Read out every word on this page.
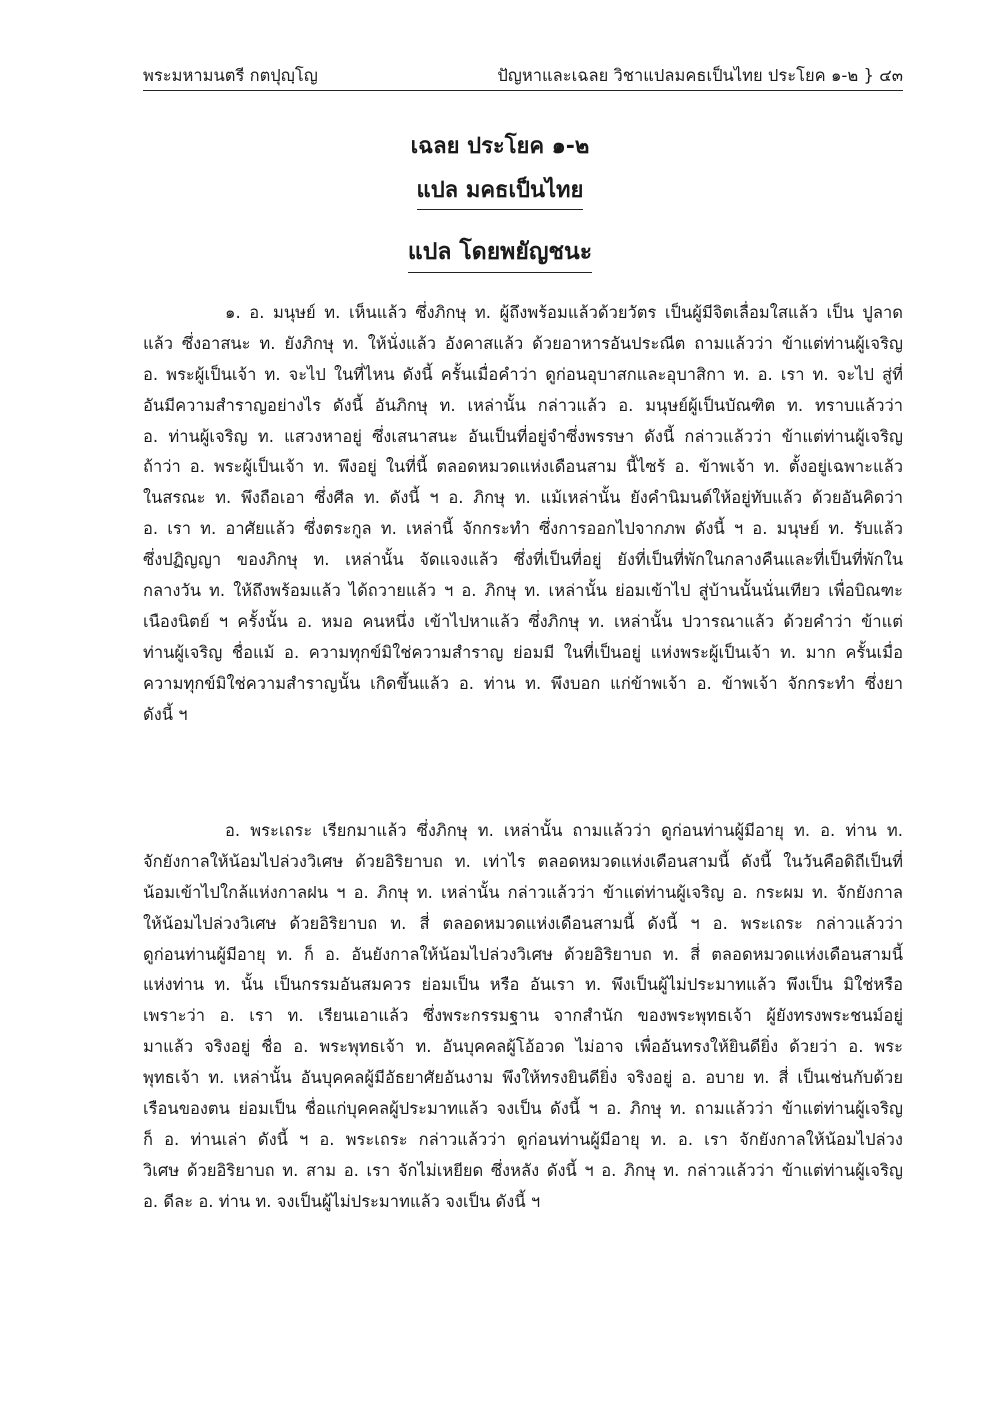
พระมหามนตรี กตปุญฺโญ	ปัญหาและเฉลย วิชาแปลมคธเป็นไทย ประโยค ๑-๒ } ๔๓
เฉลย ประโยค ๑-๒
แปล มคธเป็นไทย
แปล โดยพยัญชนะ
๑. อ. มนุษย์ ท. เห็นแล้ว ซึ่งภิกษุ ท. ผู้ถึงพร้อมแล้วด้วยวัตร เป็นผู้มีจิตเลื่อมใสแล้ว เป็น ปูลาด
แล้ว ซึ่งอาสนะ ท. ยังภิกษุ ท. ให้นั่งแล้ว อังคาสแล้ว ด้วยอาหารอันประณีต ถามแล้วว่า ข้าแต่ท่านผู้เจริญ
อ. พระผู้เป็นเจ้า ท. จะไป ในที่ไหน ดังนี้ ครั้นเมื่อคำว่า ดูก่อนอุบาสกและอุบาสิกา ท. อ. เรา ท. จะไป สู่ที่
อันมีความสำราญอย่างไร ดังนี้ อันภิกษุ ท. เหล่านั้น กล่าวแล้ว อ. มนุษย์ผู้เป็นบัณฑิต ท. ทราบแล้วว่า
อ. ท่านผู้เจริญ ท. แสวงหาอยู่ ซึ่งเสนาสนะ อันเป็นที่อยู่จำซึ่งพรรษา ดังนี้ กล่าวแล้วว่า ข้าแต่ท่านผู้เจริญ
ถ้าว่า อ. พระผู้เป็นเจ้า ท. พึงอยู่ ในที่นี้ ตลอดหมวดแห่งเดือนสาม นี้ไซร้ อ. ข้าพเจ้า ท. ตั้งอยู่เฉพาะแล้ว
ในสรณะ ท. พึงถือเอา ซึ่งศีล ท. ดังนี้ ฯ อ. ภิกษุ ท. แม้เหล่านั้น ยังคำนิมนต์ให้อยู่ทับแล้ว ด้วยอันคิดว่า
อ. เรา ท. อาศัยแล้ว ซึ่งตระกูล ท. เหล่านี้ จักกระทำ ซึ่งการออกไปจากภพ ดังนี้ ฯ อ. มนุษย์ ท. รับแล้ว
ซึ่งปฏิญญา ของภิกษุ ท. เหล่านั้น จัดแจงแล้ว ซึ่งที่เป็นที่อยู่ ยังที่เป็นที่พักในกลางคืนและที่เป็นที่พักใน
กลางวัน ท. ให้ถึงพร้อมแล้ว ได้ถวายแล้ว ฯ อ. ภิกษุ ท. เหล่านั้น ย่อมเข้าไป สู่บ้านนั้นนั่นเทียว เพื่อบิณฑะ
เนืองนิตย์ ฯ ครั้งนั้น อ. หมอ คนหนึ่ง เข้าไปหาแล้ว ซึ่งภิกษุ ท. เหล่านั้น ปวารณาแล้ว ด้วยคำว่า ข้าแต่
ท่านผู้เจริญ ชื่อแม้ อ. ความทุกข์มิใช่ความสำราญ ย่อมมี ในที่เป็นอยู่ แห่งพระผู้เป็นเจ้า ท. มาก ครั้นเมื่อ
ความทุกข์มิใช่ความสำราญนั้น เกิดขึ้นแล้ว อ. ท่าน ท. พึงบอก แก่ข้าพเจ้า อ. ข้าพเจ้า จักกระทำ ซึ่งยา
ดังนี้ ฯ
อ. พระเถระ เรียกมาแล้ว ซึ่งภิกษุ ท. เหล่านั้น ถามแล้วว่า ดูก่อนท่านผู้มีอายุ ท. อ. ท่าน ท.
จักยังกาลให้น้อมไปล่วงวิเศษ ด้วยอิริยาบถ ท. เท่าไร ตลอดหมวดแห่งเดือนสามนี้ ดังนี้ ในวันคือดิถีเป็นที่
น้อมเข้าไปใกล้แห่งกาลฝน ฯ อ. ภิกษุ ท. เหล่านั้น กล่าวแล้วว่า ข้าแต่ท่านผู้เจริญ อ. กระผม ท. จักยังกาล
ให้น้อมไปล่วงวิเศษ ด้วยอิริยาบถ ท. สี่ ตลอดหมวดแห่งเดือนสามนี้ ดังนี้ ฯ อ. พระเถระ กล่าวแล้วว่า
ดูก่อนท่านผู้มีอายุ ท. ก็ อ. อันยังกาลให้น้อมไปล่วงวิเศษ ด้วยอิริยาบถ ท. สี่ ตลอดหมวดแห่งเดือนสามนี้
แห่งท่าน ท. นั้น เป็นกรรมอันสมควร ย่อมเป็น หรือ อันเรา ท. พึงเป็นผู้ไม่ประมาทแล้ว พึงเป็น มิใช่หรือ
เพราะว่า อ. เรา ท. เรียนเอาแล้ว ซึ่งพระกรรมฐาน จากสำนัก ของพระพุทธเจ้า ผู้ยังทรงพระชนม์อยู่
มาแล้ว จริงอยู่ ชื่อ อ. พระพุทธเจ้า ท. อันบุคคลผู้โอ้อวด ไม่อาจ เพื่ออันทรงให้ยินดียิ่ง ด้วยว่า อ. พระ
พุทธเจ้า ท. เหล่านั้น อันบุคคลผู้มีอัธยาศัยอันงาม พึงให้ทรงยินดียิ่ง จริงอยู่ อ. อบาย ท. สี่ เป็นเช่นกับด้วย
เรือนของตน ย่อมเป็น ชื่อแก่บุคคลผู้ประมาทแล้ว จงเป็น ดังนี้ ฯ อ. ภิกษุ ท. ถามแล้วว่า ข้าแต่ท่านผู้เจริญ
ก็ อ. ท่านเล่า ดังนี้ ฯ อ. พระเถระ กล่าวแล้วว่า ดูก่อนท่านผู้มีอายุ ท. อ. เรา จักยังกาลให้น้อมไปล่วง
วิเศษ ด้วยอิริยาบถ ท. สาม อ. เรา จักไม่เหยียด ซึ่งหลัง ดังนี้ ฯ อ. ภิกษุ ท. กล่าวแล้วว่า ข้าแต่ท่านผู้เจริญ
อ. ดีละ อ. ท่าน ท. จงเป็นผู้ไม่ประมาทแล้ว จงเป็น ดังนี้ ฯ
